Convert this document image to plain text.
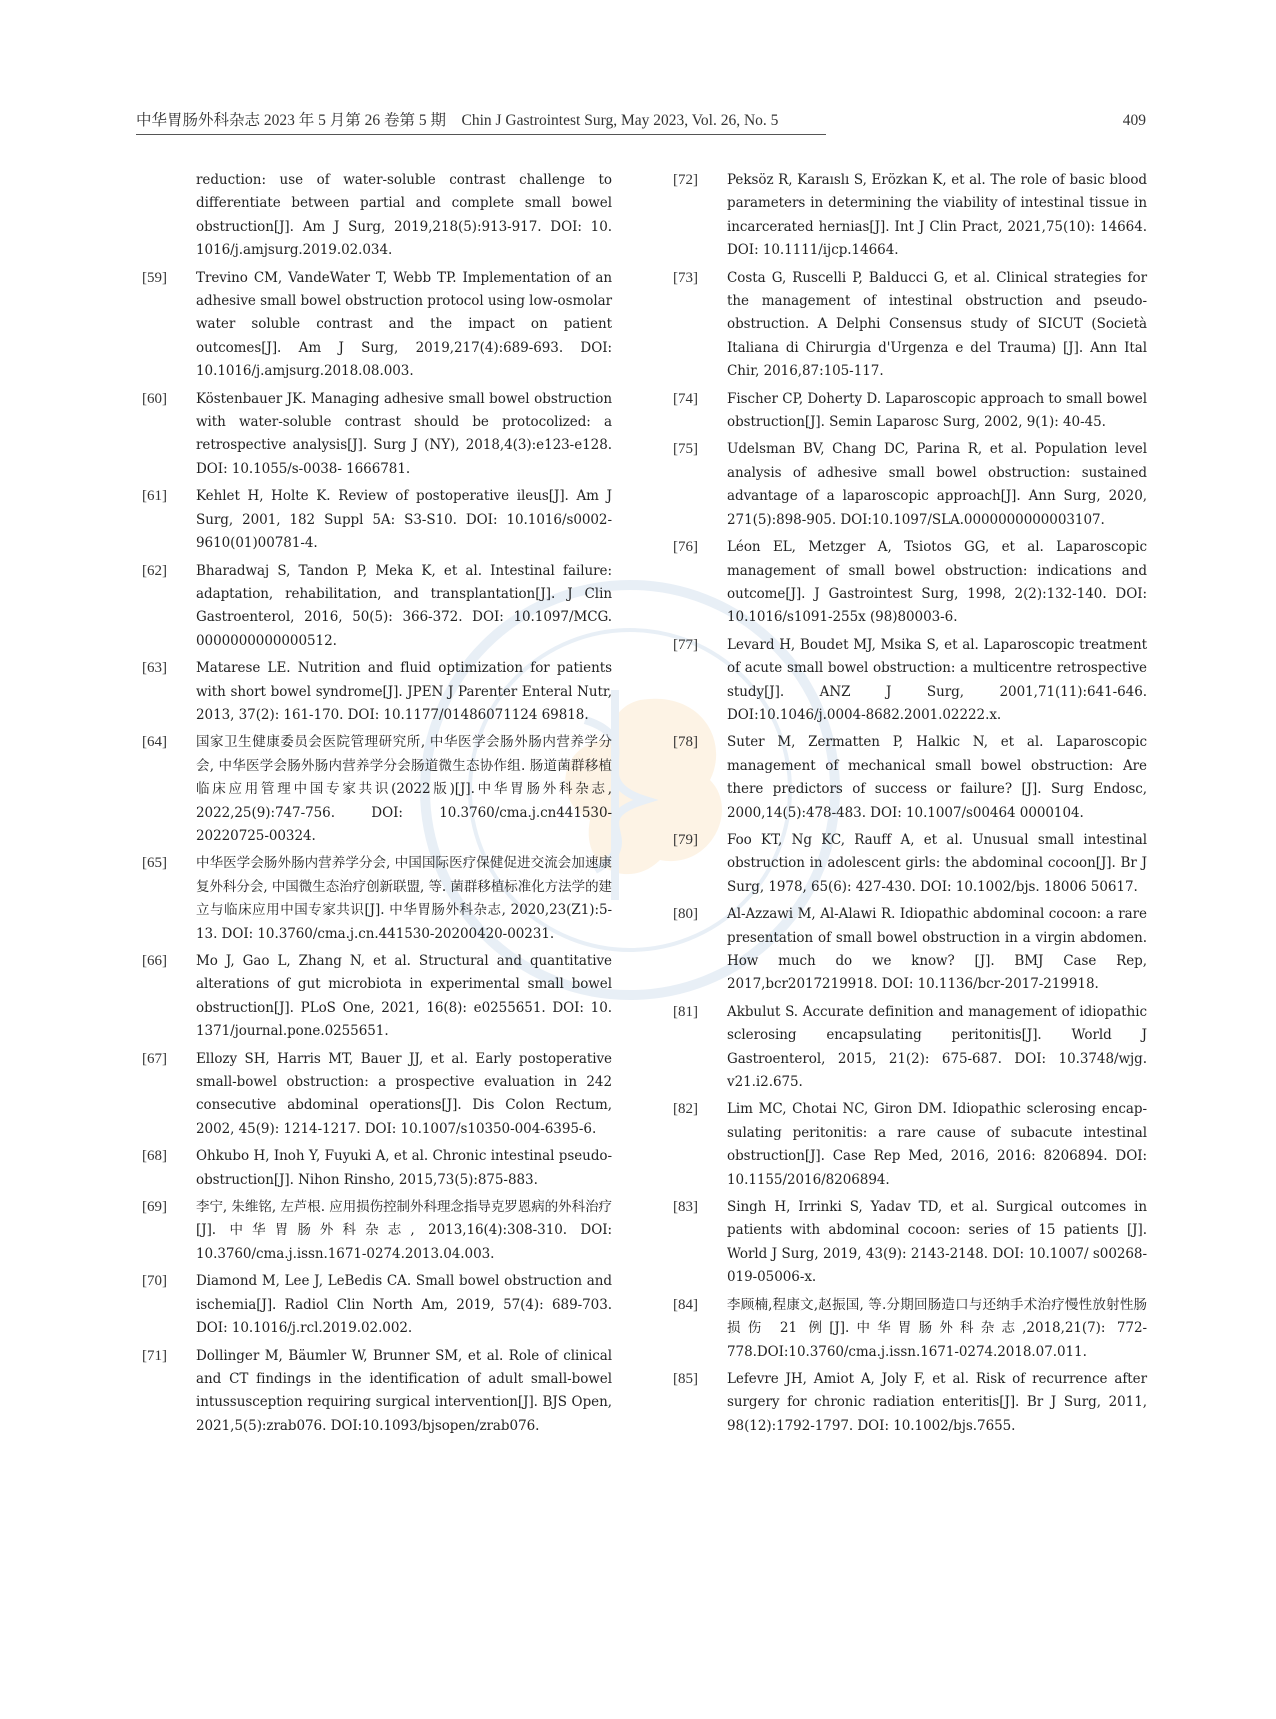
中华胃肠外科杂志 2023 年 5 月第 26 卷第 5 期　Chin J Gastrointest Surg, May 2023, Vol. 26, No. 5	409
reduction: use of water-soluble contrast challenge to differentiate between partial and complete small bowel obstruction[J]. Am J Surg, 2019,218(5):913-917. DOI: 10. 1016/j.amjsurg.2019.02.034.
[59] Trevino CM, VandeWater T, Webb TP. Implementation of an adhesive small bowel obstruction protocol using low-osmolar water soluble contrast and the impact on patient outcomes[J]. Am J Surg, 2019,217(4):689-693. DOI: 10.1016/j.amjsurg.2018.08.003.
[60] Köstenbauer JK. Managing adhesive small bowel obstruction with water-soluble contrast should be protocolized: a retrospective analysis[J]. Surg J (NY), 2018,4(3):e123-e128. DOI: 10.1055/s-0038- 1666781.
[61] Kehlet H, Holte K. Review of postoperative ileus[J]. Am J Surg, 2001, 182 Suppl 5A: S3-S10. DOI: 10.1016/s0002-9610(01)00781-4.
[62] Bharadwaj S, Tandon P, Meka K, et al. Intestinal failure: adaptation, rehabilitation, and transplantation[J]. J Clin Gastroenterol, 2016, 50(5): 366-372. DOI: 10.1097/MCG. 0000000000000512.
[63] Matarese LE. Nutrition and fluid optimization for patients with short bowel syndrome[J]. JPEN J Parenter Enteral Nutr, 2013, 37(2): 161-170. DOI: 10.1177/01486071124 69818.
[64] 国家卫生健康委员会医院管理研究所, 中华医学会肠外肠内营养学分会, 中华医学会肠外肠内营养学分会肠道微生态协作组. 肠道菌群移植临床应用管理中国专家共识(2022版)[J].中华胃肠外科杂志, 2022,25(9):747-756. DOI: 10.3760/cma.j.cn441530-20220725-00324.
[65] 中华医学会肠外肠内营养学分会, 中国国际医疗保健促进交流会加速康复外科分会, 中国微生态治疗创新联盟, 等. 菌群移植标准化方法学的建立与临床应用中国专家共识[J]. 中华胃肠外科杂志, 2020,23(Z1):5-13. DOI: 10.3760/cma.j.cn.441530-20200420-00231.
[66] Mo J, Gao L, Zhang N, et al. Structural and quantitative alterations of gut microbiota in experimental small bowel obstruction[J]. PLoS One, 2021, 16(8): e0255651. DOI: 10. 1371/journal.pone.0255651.
[67] Ellozy SH, Harris MT, Bauer JJ, et al. Early postoperative small-bowel obstruction: a prospective evaluation in 242 consecutive abdominal operations[J]. Dis Colon Rectum, 2002, 45(9): 1214-1217. DOI: 10.1007/s10350-004-6395-6.
[68] Ohkubo H, Inoh Y, Fuyuki A, et al. Chronic intestinal pseudo-obstruction[J]. Nihon Rinsho, 2015,73(5):875-883.
[69] 李宁, 朱维铭, 左芦根. 应用损伤控制外科理念指导克罗恩病的外科治疗[J]. 中华胃肠外科杂志, 2013,16(4):308-310. DOI: 10.3760/cma.j.issn.1671-0274.2013.04.003.
[70] Diamond M, Lee J, LeBedis CA. Small bowel obstruction and ischemia[J]. Radiol Clin North Am, 2019, 57(4): 689-703. DOI: 10.1016/j.rcl.2019.02.002.
[71] Dollinger M, Bäumler W, Brunner SM, et al. Role of clinical and CT findings in the identification of adult small-bowel intussusception requiring surgical intervention[J]. BJS Open, 2021,5(5):zrab076. DOI:10.1093/bjsopen/zrab076.
[72] Peksöz R, Karaıslı S, Erözkan K, et al. The role of basic blood parameters in determining the viability of intestinal tissue in incarcerated hernias[J]. Int J Clin Pract, 2021,75(10): 14664. DOI: 10.1111/ijcp.14664.
[73] Costa G, Ruscelli P, Balducci G, et al. Clinical strategies for the management of intestinal obstruction and pseudo-obstruction. A Delphi Consensus study of SICUT (Società Italiana di Chirurgia d'Urgenza e del Trauma) [J]. Ann Ital Chir, 2016,87:105-117.
[74] Fischer CP, Doherty D. Laparoscopic approach to small bowel obstruction[J]. Semin Laparosc Surg, 2002, 9(1): 40-45.
[75] Udelsman BV, Chang DC, Parina R, et al. Population level analysis of adhesive small bowel obstruction: sustained advantage of a laparoscopic approach[J]. Ann Surg, 2020, 271(5):898-905. DOI:10.1097/SLA.0000000000003107.
[76] Léon EL, Metzger A, Tsiotos GG, et al. Laparoscopic management of small bowel obstruction: indications and outcome[J]. J Gastrointest Surg, 1998, 2(2):132-140. DOI: 10.1016/s1091-255x (98)80003-6.
[77] Levard H, Boudet MJ, Msika S, et al. Laparoscopic treatment of acute small bowel obstruction: a multicentre retrospective study[J]. ANZ J Surg, 2001,71(11):641-646. DOI:10.1046/j.0004-8682.2001.02222.x.
[78] Suter M, Zermatten P, Halkic N, et al. Laparoscopic management of mechanical small bowel obstruction: Are there predictors of success or failure? [J]. Surg Endosc, 2000,14(5):478-483. DOI: 10.1007/s00464 0000104.
[79] Foo KT, Ng KC, Rauff A, et al. Unusual small intestinal obstruction in adolescent girls: the abdominal cocoon[J]. Br J Surg, 1978, 65(6): 427-430. DOI: 10.1002/bjs. 18006 50617.
[80] Al-Azzawi M, Al-Alawi R. Idiopathic abdominal cocoon: a rare presentation of small bowel obstruction in a virgin abdomen. How much do we know? [J]. BMJ Case Rep, 2017,bcr2017219918. DOI: 10.1136/bcr-2017-219918.
[81] Akbulut S. Accurate definition and management of idiopathic sclerosing encapsulating peritonitis[J]. World J Gastroenterol, 2015, 21(2): 675-687. DOI: 10.3748/wjg. v21.i2.675.
[82] Lim MC, Chotai NC, Giron DM. Idiopathic sclerosing encap-sulating peritonitis: a rare cause of subacute intestinal obstruction[J]. Case Rep Med, 2016, 2016: 8206894. DOI: 10.1155/2016/8206894.
[83] Singh H, Irrinki S, Yadav TD, et al. Surgical outcomes in patients with abdominal cocoon: series of 15 patients [J]. World J Surg, 2019, 43(9): 2143-2148. DOI: 10.1007/ s00268-019-05006-x.
[84] 李顾楠,程康文,赵振国, 等.分期回肠造口与还纳手术治疗慢性放射性肠损伤 21 例[J].中华胃肠外科杂志,2018,21(7): 772-778.DOI:10.3760/cma.j.issn.1671-0274.2018.07.011.
[85] Lefevre JH, Amiot A, Joly F, et al. Risk of recurrence after surgery for chronic radiation enteritis[J]. Br J Surg, 2011, 98(12):1792-1797. DOI: 10.1002/bjs.7655.
